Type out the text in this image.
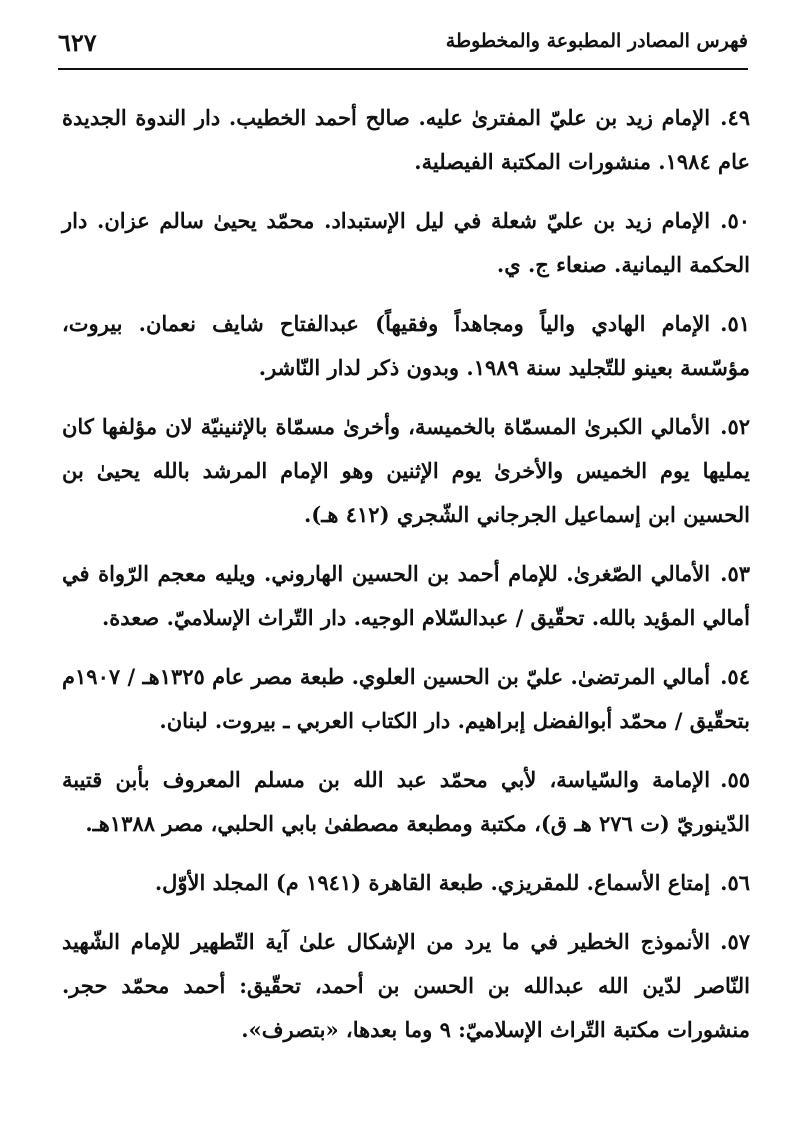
فهرس المصادر المطبوعة والمخطوطة
٦٢٧

٤٩.الإمام زيد بن عليّ المفترىٰ عليه. صالح أحمد الخطيب. دار الندوة الجديدة عام ١٩٨٤. منشورات المكتبة الفيصلية.

٥٠.الإمام زيد بن عليّ شعلة في ليل الإستبداد. محمّد يحيىٰ سالم عزان. دار الحكمة اليمانية. صنعاء ج. ي.

٥١.الإمام الهادي والياً ومجاهداً وفقيهاً) عبدالفتاح شايف نعمان. بيروت، مؤسّسة بعينو للتّجليد سنة ١٩٨٩. وبدون ذكر لدار النّاشر.

٥٢.الأمالي الكبرىٰ المسمّاة بالخميسة، وأخرىٰ مسمّاة بالإثنينيّة لان مؤلفها كان يمليها يوم الخميس والأخرىٰ يوم الإثنين وهو الإمام المرشد بالله يحيىٰ بن الحسين ابن إسماعيل الجرجاني الشّجري (٤١٢ هـ).

٥٣.الأمالي الصّغرىٰ. للإمام أحمد بن الحسين الهاروني. ويليه معجم الرّواة في أمالي المؤيد بالله. تحقّيق / عبدالسّلام الوجيه. دار التّراث الإسلاميّ. صعدة.

٥٤.أمالي المرتضىٰ. عليّ بن الحسين العلوي. طبعة مصر عام ١٣٢٥هـ / ١٩٠٧م بتحقّيق / محمّد أبوالفضل إبراهيم. دار الكتاب العربي ـ بيروت. لبنان.

٥٥.الإمامة والسّياسة، لأبي محمّد عبد الله بن مسلم المعروف بأبن قتيبة الدّينوريّ (ت ٢٧٦ هـ ق)، مكتبة ومطبعة مصطفىٰ بابي الحلبي، مصر ١٣٨٨هـ.

٥٦.إمتاع الأسماع. للمقريزي. طبعة القاهرة (١٩٤١ م) المجلد الأوّل.

٥٧.الأنموذج الخطير في ما يرد من الإشكال علىٰ آية التّطهير للإمام الشّهيد النّاصر لدّين الله عبدالله بن الحسن بن أحمد، تحقّيق: أحمد محمّد حجر. منشورات مكتبة التّراث الإسلاميّ: ٩ وما بعدها، «بتصرف».
